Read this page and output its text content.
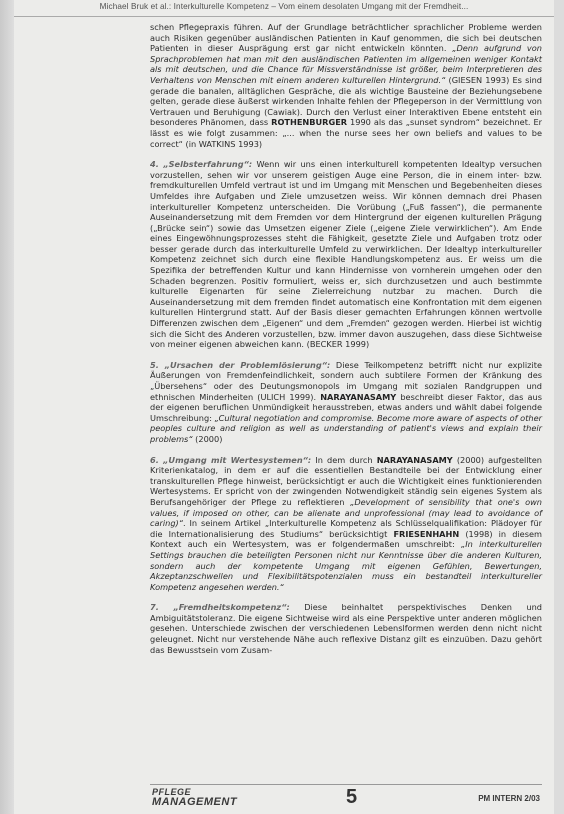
Michael Bruk et al.: Interkulturelle Kompetenz – Vom einem desolaten Umgang mit der Fremdheit...

schen Pflegepraxis führen. Auf der Grundlage beträchtlicher sprachlicher Probleme werden auch Risiken gegenüber ausländischen Patienten in Kauf genommen, die sich bei deutschen Patienten in dieser Ausprägung erst gar nicht entwickeln könnten. „Denn aufgrund von Sprachproblemen hat man mit den ausländischen Patienten im allgemeinen weniger Kontakt als mit deutschen, und die Chance für Missverständnisse ist größer, beim Interpretieren des Verhaltens von Menschen mit einem anderen kulturellen Hintergrund.“ (GIESEN 1993) Es sind gerade die banalen, alltäglichen Gespräche, die als wichtige Bausteine der Beziehungsebene gelten, gerade diese äußerst wirkenden Inhalte fehlen der Pflegeperson in der Vermittlung von Vertrauen und Beruhigung (Cawiak). Durch den Verlust einer Interaktiven Ebene entsteht ein besonderes Phänomen, dass ROTHENBURGER 1990 als das „sunset syndrom“ bezeichnet. Er lässt es wie folgt zusammen: „... when the nurse sees her own beliefs and values to be correct“ (in WATKINS 1993)

4. „Selbsterfahrung“: Wenn wir uns einen interkulturell kompetenten Idealtyp versuchen vorzustellen, sehen wir vor unserem geistigen Auge eine Person, die in einem inter- bzw. fremdkulturellen Umfeld vertraut ist und im Umgang mit Menschen und Begebenheiten dieses Umfeldes ihre Aufgaben und Ziele umzusetzen weiss. Wir können demnach drei Phasen interkultureller Kompetenz unterscheiden. Die Vorübung („Fuß fassen“), die permanente Auseinandersetzung mit dem Fremden vor dem Hintergrund der eigenen kulturellen Prägung („Brücke sein“) sowie das Umsetzen eigener Ziele („eigene Ziele verwirklichen“). Am Ende eines Eingewöhnungsprozesses steht die Fähigkeit, gesetzte Ziele und Aufgaben trotz oder besser gerade durch das interkulturelle Umfeld zu verwirklichen. Der Idealtyp interkultureller Kompetenz zeichnet sich durch eine flexible Handlungskompetenz aus. Er weiss um die Spezifika der betreffenden Kultur und kann Hindernisse von vornherein umgehen oder den Schaden begrenzen. Positiv formuliert, weiss er, sich durchzusetzen und auch bestimmte kulturelle Eigenarten für seine Zielerreichung nutzbar zu machen. Durch die Auseinandersetzung mit dem fremden findet automatisch eine Konfrontation mit dem eigenen kulturellen Hintergrund statt. Auf der Basis dieser gemachten Erfahrungen können wertvolle Differenzen zwischen dem „Eigenen“ und dem „Fremden“ gezogen werden. Hierbei ist wichtig sich die Sicht des Anderen vorzustellen, bzw. immer davon auszugehen, dass diese Sichtweise von meiner eigenen abweichen kann. (BECKER 1999)

5. „Ursachen der Problemlösierung“: Diese Teilkompetenz betrifft nicht nur explizite Äußerungen von Fremdenfeindlichkeit, sondern auch subtilere Formen der Kränkung des „Übersehens“ oder des Deutungsmonopols im Umgang mit sozialen Randgruppen und ethnischen Minderheiten (ULICH 1999). NARAYANASAMY beschreibt dieser Faktor, das aus der eigenen beruflichen Unmündigkeit herausstreben, etwas anders und wählt dabei folgende Umschreibung: „Cultural negotiation and compromise. Become more aware of aspects of other peoples culture and religion as well as understanding of patient's views and explain their problems“ (2000)

6. „Umgang mit Wertesystemen“: In dem durch NARAYANASAMY (2000) aufgestellten Kriterienkatalog, in dem er auf die essentiellen Bestandteile bei der Entwicklung einer transkulturellen Pflege hinweist, berücksichtigt er auch die Wichtigkeit eines funktionierenden Wertesystems. Er spricht von der zwingenden Notwendigkeit ständig sein eigenes System als Berufsangehöriger der Pflege zu reflektieren „Development of sensibility that one's own values, if imposed on other, can be alienate and unprofessional (may lead to avoidance of caring)“. In seinem Artikel „Interkulturelle Kompetenz als Schlüsselqualifikation: Plädoyer für die Internationalisierung des Studiums“ berücksichtigt FRIESENHAHN (1998) in diesem Kontext auch ein Wertesystem, was er folgendermaßen umschreibt: „In interkulturellen Settings brauchen die beteiligten Personen nicht nur Kenntnisse über die anderen Kulturen, sondern auch der kompetente Umgang mit eigenen Gefühlen, Bewertungen, Akzeptanzschwellen und Flexibilitätspotenzialen muss ein bestandteil interkultureller Kompetenz angesehen werden.“

7. „Fremdheitskompetenz“: Diese beinhaltet perspektivisches Denken und Ambiguitätstoleranz. Die eigene Sichtweise wird als eine Perspektive unter anderen möglichen gesehen. Unterschiede zwischen der verschiedenen Lebenslformen werden denn nicht nicht geleugnet. Nicht nur verstehende Nähe auch reflexive Distanz gilt es einzuüben. Dazu gehört das Bewusstsein vom Zusam-

PFLEGE
MANAGEMENT	5	PM INTERN 2/03
